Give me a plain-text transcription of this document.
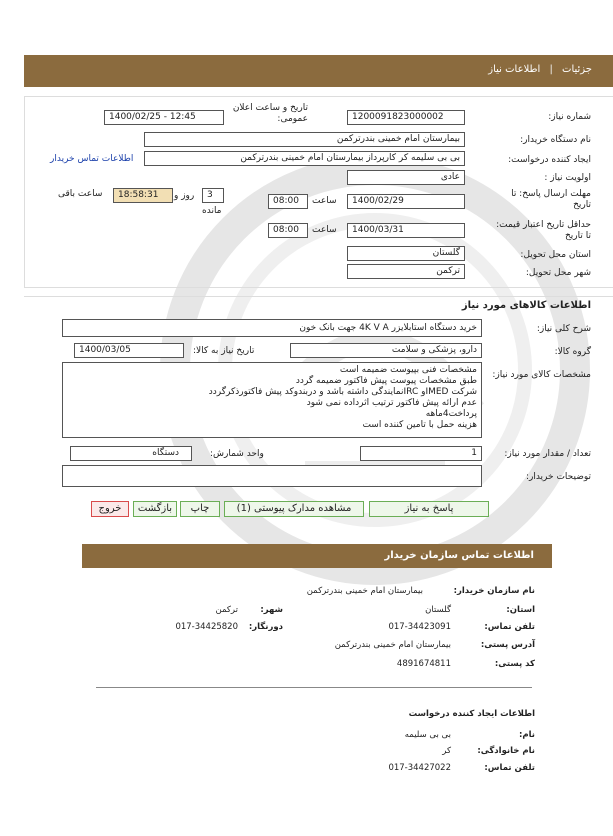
جزئیات | اطلاعات نیاز
شماره نیاز:
1200091823000002
تاریخ و ساعت اعلان عمومی:
1400/02/25 - 12:45
نام دستگاه خریدار:
بیمارستان امام خمینی بندرترکمن
ایجاد کننده درخواست:
بی بی سلیمه کر کارپرداز بیمارستان امام خمینی بندرترکمن
اطلاعات تماس خریدار
اولویت نیاز :
عادی
مهلت ارسال پاسخ: تا تاریخ
1400/02/29
ساعت
08:00
3
روز و
18:58:31
ساعت باقی
مانده
حداقل تاریخ اعتبار قیمت: تا تاریخ
1400/03/31
ساعت
08:00
استان محل تحویل:
گلستان
شهر محل تحویل:
ترکمن
اطلاعات کالاهای مورد نیاز
شرح کلی نیاز:
خرید دستگاه استابلایزر 4K V A جهت بانک خون
گروه کالا:
دارو، پزشکی و سلامت
تاریخ نیاز به کالا:
1400/03/05
مشخصات کالای مورد نیاز:
مشخصات فنی بپیوست ضمیمه است
طبق مشخصات پیوست پیش فاکتور ضمیمه گردد
شرکت IMEDو IRCنمایندگی داشته باشد و دربندوکد پیش فاکتورذکرگردد
عدم ارائه پیش فاکتور ترتیب اثرداده نمی شود
پرداخت4ماهه
هزینه حمل با تامین کننده است
تعداد / مقدار مورد نیاز:
1
واحد شمارش:
دستگاه
توضیحات خریدار:
پاسخ به نیاز
مشاهده مدارک پیوستی (1)
چاپ
بازگشت
خروج
اطلاعات تماس سازمان خریدار
نام سازمان خریدار:
بیمارستان امام خمینی بندرترکمن
استان:
گلستان
شهر:
ترکمن
تلفن تماس:
017-34423091
دورنگار:
017-34425820
آدرس پستی:
بیمارستان امام خمینی بندرترکمن
کد پستی:
4891674811
اطلاعات ایجاد کننده درخواست
نام:
بی بی سلیمه
نام خانوادگی:
کر
تلفن تماس:
017-34427022
